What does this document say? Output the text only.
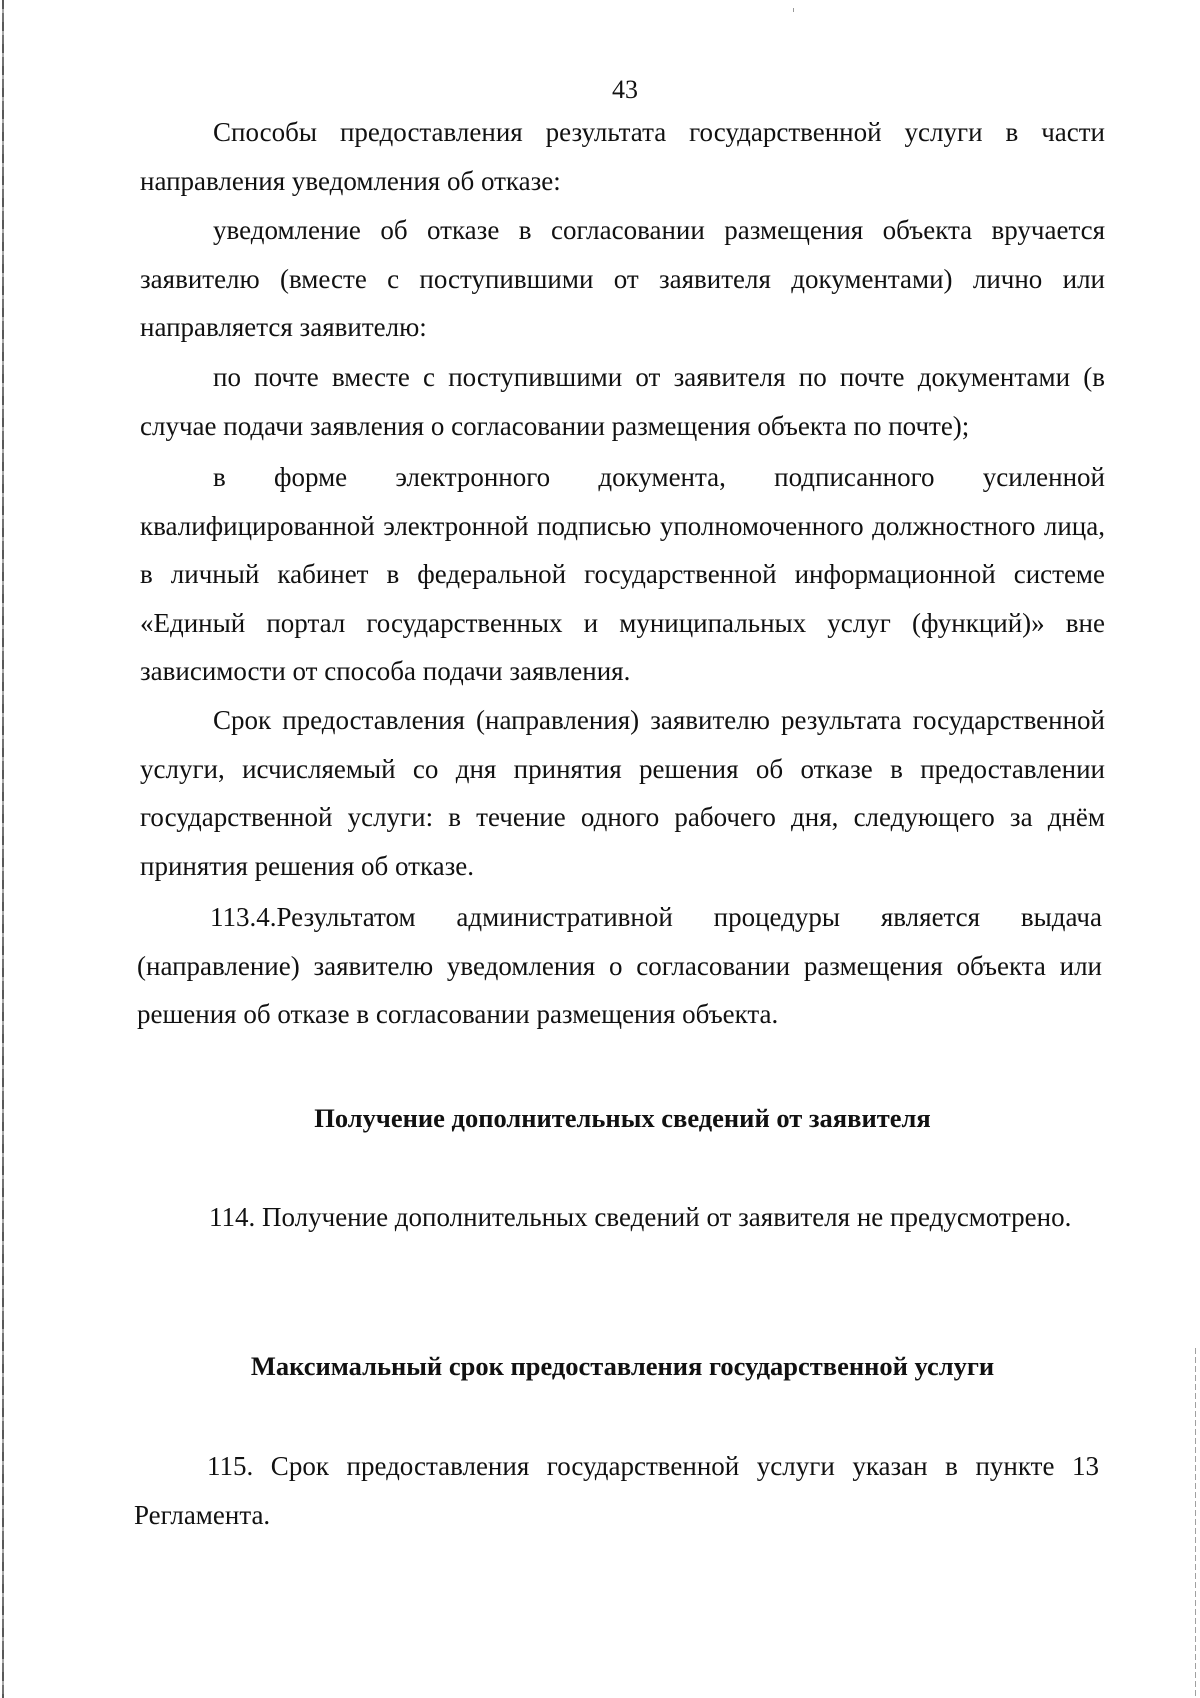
43

Способы предоставления результата государственной услуги в части направления уведомления об отказе:

уведомление об отказе в согласовании размещения объекта вручается заявителю (вместе с поступившими от заявителя документами) лично или направляется заявителю:

по почте вместе с поступившими от заявителя по почте документами (в случае подачи заявления о согласовании размещения объекта по почте);

в форме электронного документа, подписанного усиленной квалифицированной электронной подписью уполномоченного должностного лица, в личный кабинет в федеральной государственной информационной системе «Единый портал государственных и муниципальных услуг (функций)» вне зависимости от способа подачи заявления.

Срок предоставления (направления) заявителю результата государственной услуги, исчисляемый со дня принятия решения об отказе в предоставлении государственной услуги: в течение одного рабочего дня, следующего за днём принятия решения об отказе.

113.4.Результатом административной процедуры является выдача (направление) заявителю уведомления о согласовании размещения объекта или решения об отказе в согласовании размещения объекта.

Получение дополнительных сведений от заявителя

114. Получение дополнительных сведений от заявителя не предусмотрено.

Максимальный срок предоставления государственной услуги

115. Срок предоставления государственной услуги указан в пункте 13 Регламента.
